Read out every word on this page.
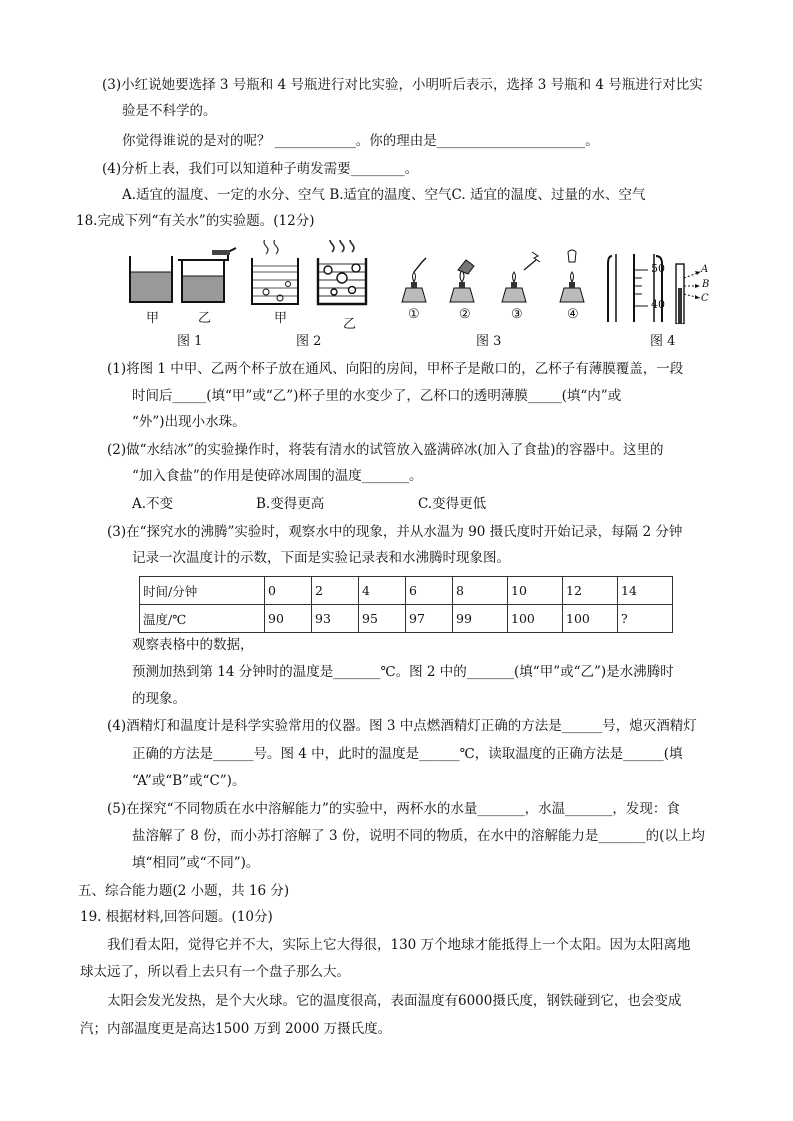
(3)小红说她要选择 3 号瓶和 4 号瓶进行对比实验，小明听后表示，选择 3 号瓶和 4 号瓶进行对比实
验是不科学的。
你觉得谁说的是对的呢？ ____________。你的理由是______________________。
(4)分析上表，我们可以知道种子萌发需要________。
A.适宜的温度、一定的水分、空气 B.适宜的温度、空气C. 适宜的温度、过量的水、空气
18.完成下列“有关水”的实验题。(12分)
甲	乙
图 1
甲	乙
图 2
①	②	③	④
图 3
50
40
A
B
C
图 4
(1)将图 1 中甲、乙两个杯子放在通风、向阳的房间，甲杯子是敞口的，乙杯子有薄膜覆盖，一段
时间后_____(填“甲”或“乙”)杯子里的水变少了，乙杯口的透明薄膜_____(填“内”或
“外”)出现小水珠。
(2)做“水结冰”的实验操作时，将装有清水的试管放入盛满碎冰(加入了食盐)的容器中。这里的
“加入食盐”的作用是使碎冰周围的温度_______。
A.不变	B.变得更高	C.变得更低
(3)在“探究水的沸腾”实验时，观察水中的现象，并从水温为 90 摄氏度时开始记录，每隔 2 分钟
记录一次温度计的示数，下面是实验记录表和水沸腾时现象图。
时间/分钟	0	2	4	6	8	10	12	14
温度/℃	90	93	95	97	99	100	100	?
观察表格中的数据，
预测加热到第 14 分钟时的温度是_______℃。图 2 中的_______(填“甲”或“乙”)是水沸腾时
的现象。
(4)酒精灯和温度计是科学实验常用的仪器。图 3 中点燃酒精灯正确的方法是______号，熄灭酒精灯
正确的方法是______号。图 4 中，此时的温度是______℃，读取温度的正确方法是______(填
“A”或“B”或“C”)。
(5)在探究“不同物质在水中溶解能力”的实验中，两杯水的水量_______，水温_______，发现：食
盐溶解了 8 份，而小苏打溶解了 3 份，说明不同的物质，在水中的溶解能力是_______的(以上均
填“相同”或“不同”)。
五、综合能力题(2 小题，共 16 分)
19. 根据材料,回答问题。(10分)
我们看太阳，觉得它并不大，实际上它大得很，130 万个地球才能抵得上一个太阳。因为太阳离地
球太远了，所以看上去只有一个盘子那么大。
太阳会发光发热，是个大火球。它的温度很高，表面温度有6000摄氏度，钢铁碰到它，也会变成
汽；内部温度更是高达1500 万到 2000 万摄氏度。
